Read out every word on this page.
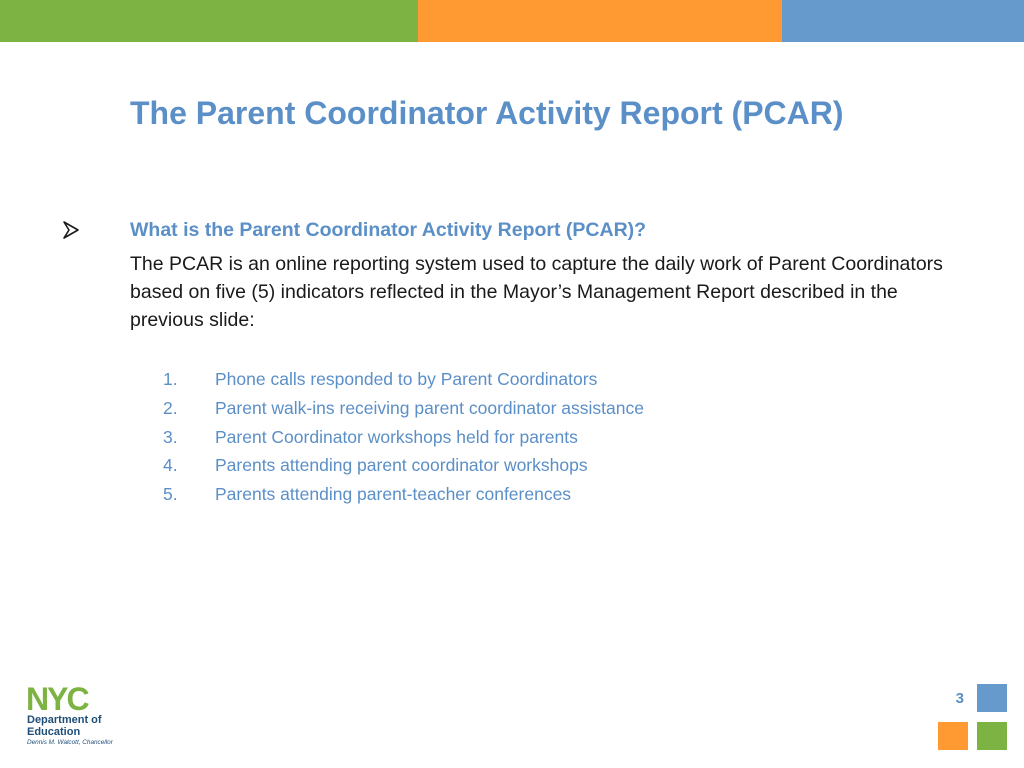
The Parent Coordinator Activity Report (PCAR)
What is the Parent Coordinator Activity Report (PCAR)?
The PCAR is an online reporting system used to capture the daily work of Parent Coordinators based on five (5) indicators reflected in the Mayor’s Management Report described in the previous slide:
1.	Phone calls responded to by Parent Coordinators
2.	Parent walk-ins receiving parent coordinator assistance
3.	Parent Coordinator workshops held for parents
4.	Parents attending parent coordinator workshops
5.	Parents attending parent-teacher conferences
NYC
Department of
Education
Dennis M. Walcott, Chancellor
3
